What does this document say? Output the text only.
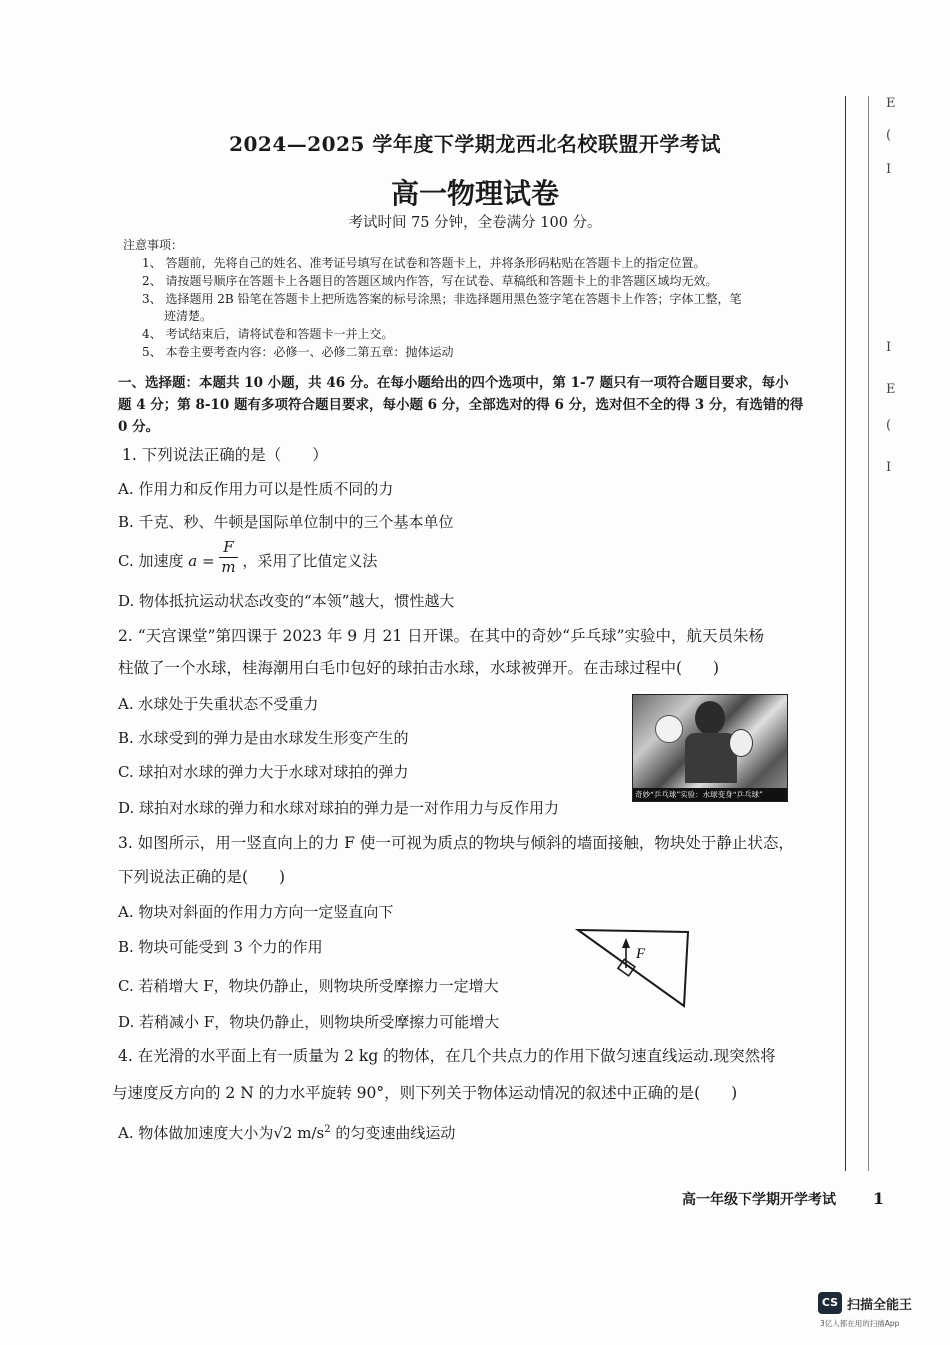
E
(
I
I
E
(
I
2024—2025 学年度下学期龙西北名校联盟开学考试
高一物理试卷
考试时间 75 分钟，全卷满分 100 分。
注意事项：
1、 答题前，先将自己的姓名、准考证号填写在试卷和答题卡上，并将条形码粘贴在答题卡上的指定位置。
2、 请按题号顺序在答题卡上各题目的答题区域内作答，写在试卷、草稿纸和答题卡上的非答题区域均无效。
3、 选择题用 2B 铅笔在答题卡上把所选答案的标号涂黑；非选择题用黑色签字笔在答题卡上作答；字体工整，笔
迹清楚。
4、 考试结束后，请将试卷和答题卡一并上交。
5、 本卷主要考查内容：必修一、必修二第五章：抛体运动
一、选择题：本题共 10 小题，共 46 分。在每小题给出的四个选项中，第 1-7 题只有一项符合题目要求，每小
题 4 分；第 8-10 题有多项符合题目要求，每小题 6 分，全部选对的得 6 分，选对但不全的得 3 分，有选错的得
0 分。
1. 下列说法正确的是（　　）
A. 作用力和反作用力可以是性质不同的力
B. 千克、秒、牛顿是国际单位制中的三个基本单位
C. 加速度 $a = \frac{F}{m}$ ，采用了比值定义法
D. 物体抵抗运动状态改变的“本领”越大，惯性越大
2. “天宫课堂”第四课于 2023 年 9 月 21 日开课。在其中的奇妙“乒乓球”实验中，航天员朱杨
柱做了一个水球，桂海潮用白毛巾包好的球拍击水球，水球被弹开。在击球过程中(　　)
A. 水球处于失重状态不受重力
B. 水球受到的弹力是由水球发生形变产生的
C. 球拍对水球的弹力大于水球对球拍的弹力
D. 球拍对水球的弹力和水球对球拍的弹力是一对作用力与反作用力
奇妙“乒乓球”实验：水球变身“乒乓球”
3. 如图所示，用一竖直向上的力 F 使一可视为质点的物块与倾斜的墙面接触，物块处于静止状态，
下列说法正确的是(　　)
A. 物块对斜面的作用力方向一定竖直向下
B. 物块可能受到 3 个力的作用
C. 若稍增大 F，物块仍静止，则物块所受摩擦力一定增大
D. 若稍减小 F，物块仍静止，则物块所受摩擦力可能增大
F
4. 在光滑的水平面上有一质量为 2 kg 的物体，在几个共点力的作用下做匀速直线运动.现突然将
与速度反方向的 2 N 的力水平旋转 90°，则下列关于物体运动情况的叙述中正确的是(　　)
A. 物体做加速度大小为√2 $m/s^2$ 的匀变速曲线运动
高一年级下学期开学考试 1
CS 扫描全能王
3亿人都在用的扫描App
